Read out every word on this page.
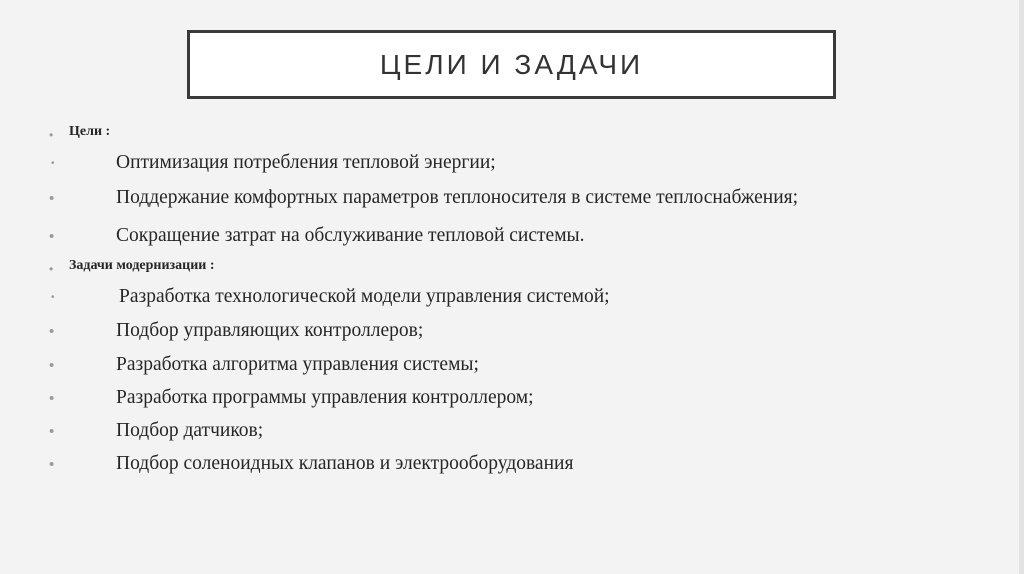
ЦЕЛИ И ЗАДАЧИ
• Цели :
•	Оптимизация потребления тепловой энергии;
•	Поддержание комфортных параметров теплоносителя в системе теплоснабжения;
•	Сокращение затрат на обслуживание тепловой системы.
• Задачи модернизации :
•	Разработка технологической модели управления системой;
•	Подбор управляющих контроллеров;
•	Разработка алгоритма управления системы;
•	Разработка программы управления контроллером;
•	Подбор датчиков;
•	Подбор соленоидных клапанов и электрооборудования
